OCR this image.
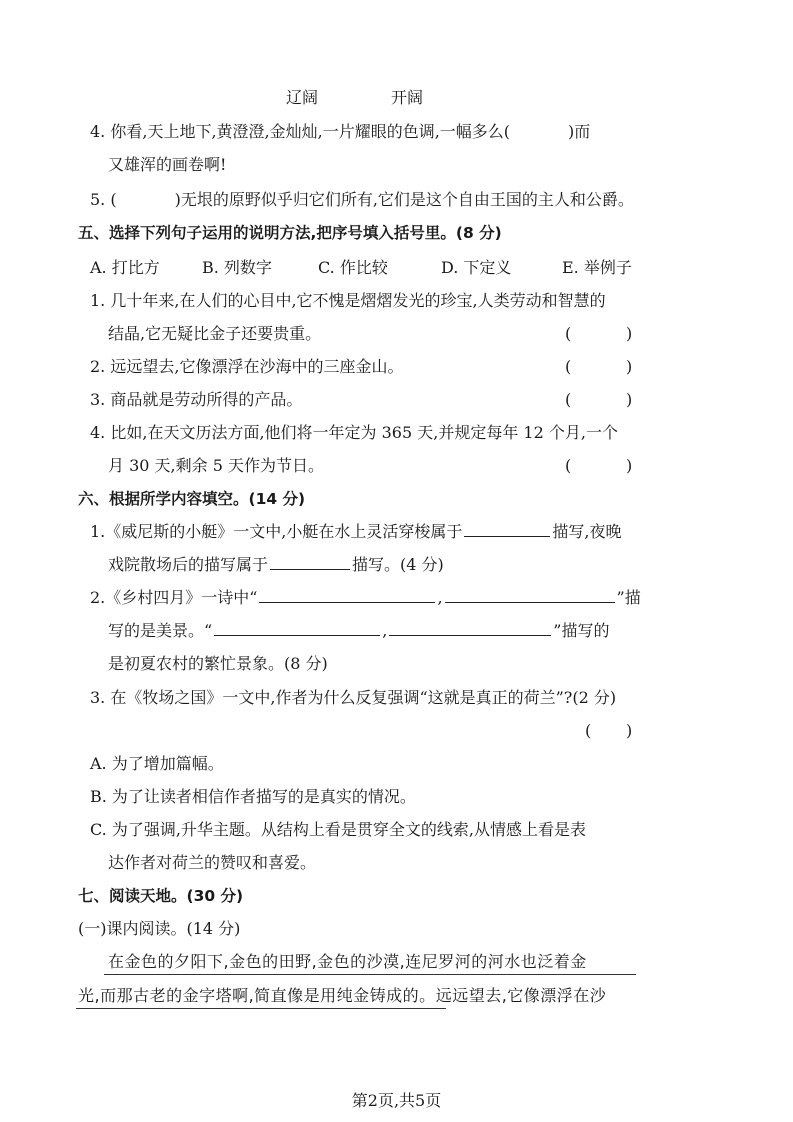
辽阔	开阔
4. 你看,天上地下,黄澄澄,金灿灿,一片耀眼的色调,一幅多么(	)而
又雄浑的画卷啊!
5. (	)无垠的原野似乎归它们所有,它们是这个自由王国的主人和公爵。
五、选择下列句子运用的说明方法,把序号填入括号里。(8 分)
A. 打比方	B. 列数字	C. 作比较	D. 下定义	E. 举例子
1. 几十年来,在人们的心目中,它不愧是熠熠发光的珍宝,人类劳动和智慧的
结晶,它无疑比金子还要贵重。	(	)
2. 远远望去,它像漂浮在沙海中的三座金山。	(	)
3. 商品就是劳动所得的产品。	(	)
4. 比如,在天文历法方面,他们将一年定为 365 天,并规定每年 12 个月,一个
月 30 天,剩余 5 天作为节日。	(	)
六、根据所学内容填空。(14 分)
1.《威尼斯的小艇》一文中,小艇在水上灵活穿梭属于	描写,夜晚
戏院散场后的描写属于	描写。(4 分)
2.《乡村四月》一诗中“	,	”描
写的是美景。“	,	”描写的
是初夏农村的繁忙景象。(8 分)
3. 在《牧场之国》一文中,作者为什么反复强调“这就是真正的荷兰”?(2 分)
( )
A. 为了增加篇幅。
B. 为了让读者相信作者描写的是真实的情况。
C. 为了强调,升华主题。从结构上看是贯穿全文的线索,从情感上看是表
达作者对荷兰的赞叹和喜爱。
七、阅读天地。(30 分)
(一)课内阅读。(14 分)
在金色的夕阳下,金色的田野,金色的沙漠,连尼罗河的河水也泛着金
光,而那古老的金字塔啊,简直像是用纯金铸成的。远远望去,它像漂浮在沙
第2页,共5页
